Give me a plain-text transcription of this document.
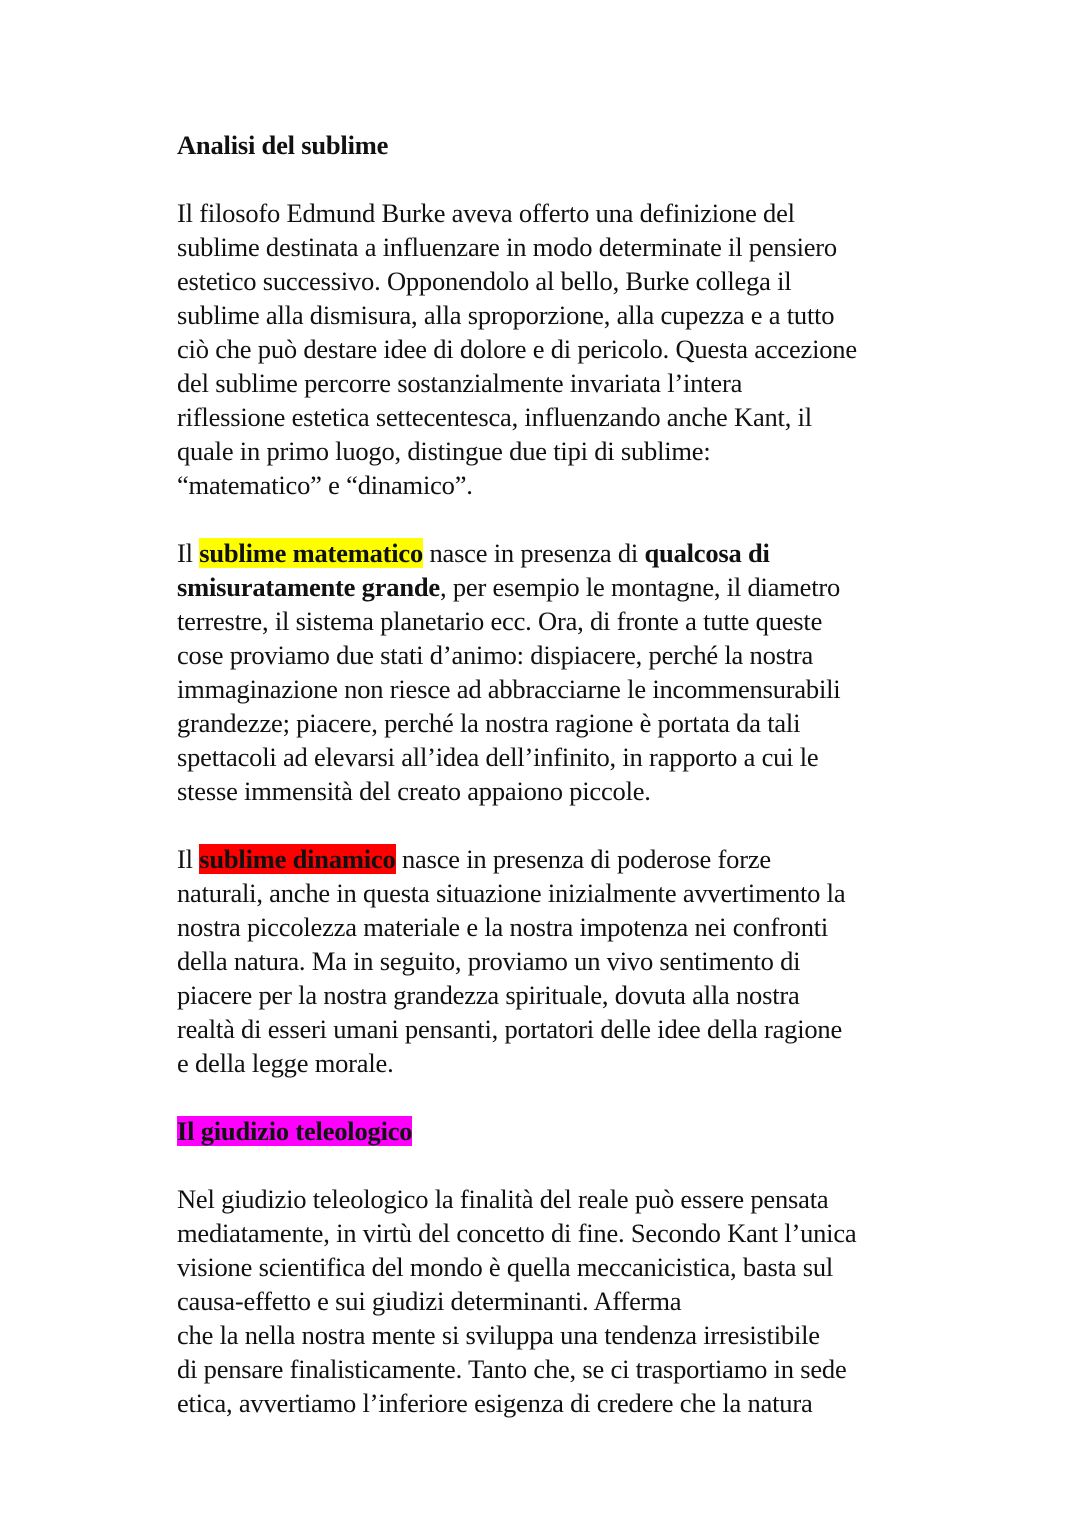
Analisi del sublime
Il filosofo Edmund Burke aveva offerto una definizione del
sublime destinata a influenzare in modo determinate il pensiero
estetico successivo. Opponendolo al bello, Burke collega il
sublime alla dismisura, alla sproporzione, alla cupezza e a tutto
ciò che può destare idee di dolore e di pericolo. Questa accezione
del sublime percorre sostanzialmente invariata l’intera
riflessione estetica settecentesca, influenzando anche Kant, il
quale in primo luogo, distingue due tipi di sublime:
“matematico” e “dinamico”.
Il sublime matematico nasce in presenza di qualcosa di
smisuratamente grande, per esempio le montagne, il diametro
terrestre, il sistema planetario ecc. Ora, di fronte a tutte queste
cose proviamo due stati d’animo: dispiacere, perché la nostra
immaginazione non riesce ad abbracciarne le incommensurabili
grandezze; piacere, perché la nostra ragione è portata da tali
spettacoli ad elevarsi all’idea dell’infinito, in rapporto a cui le
stesse immensità del creato appaiono piccole.
Il sublime dinamico nasce in presenza di poderose forze
naturali, anche in questa situazione inizialmente avvertimento la
nostra piccolezza materiale e la nostra impotenza nei confronti
della natura. Ma in seguito, proviamo un vivo sentimento di
piacere per la nostra grandezza spirituale, dovuta alla nostra
realtà di esseri umani pensanti, portatori delle idee della ragione
e della legge morale.
Il giudizio teleologico
Nel giudizio teleologico la finalità del reale può essere pensata
mediatamente, in virtù del concetto di fine. Secondo Kant l’unica
visione scientifica del mondo è quella meccanicistica, basta sul
causa-effetto e sui giudizi determinanti. Afferma
che la nella nostra mente si sviluppa una tendenza irresistibile
di pensare finalisticamente. Tanto che, se ci trasportiamo in sede
etica, avvertiamo l’inferiore esigenza di credere che la natura
